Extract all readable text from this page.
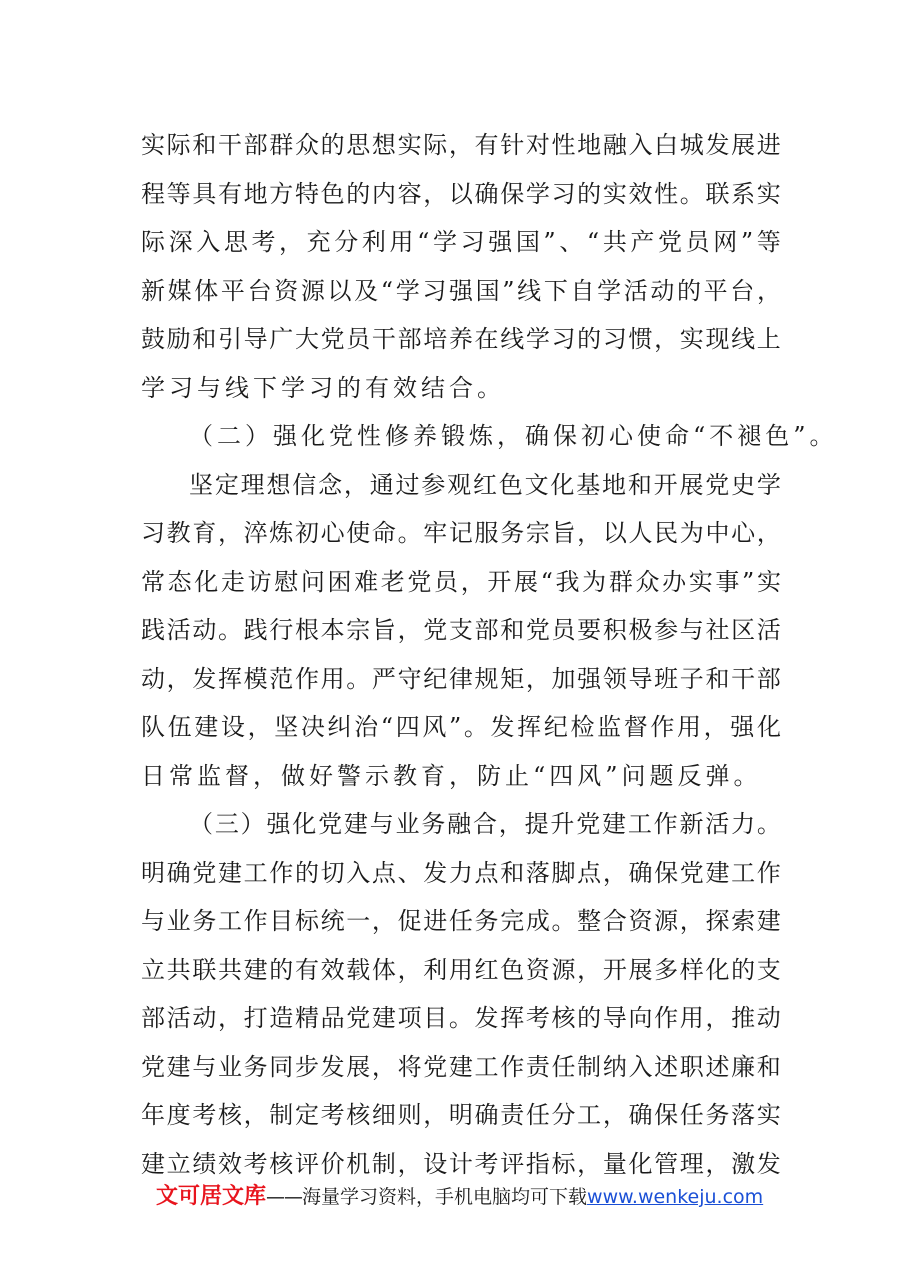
实 际 和 干 部 群 众 的 思 想 实 际 ， 有 针 对 性 地 融 入 白 城 发 展 进
程 等 具 有 地 方 特 色 的 内 容 ， 以 确 保 学 习 的 实 效 性 。 联 系 实
际 深 入 思 考 ， 充 分 利 用 “ 学 习 强 国 ” 、 “ 共 产 党 员 网 ” 等
新 媒 体 平 台 资 源 以 及 “ 学 习 强 国 ” 线 下 自 学 活 动 的 平 台 ，
鼓 励 和 引 导 广 大 党 员 干 部 培 养 在 线 学 习 的 习 惯 ， 实 现 线 上
学习与线下学习的有效结合。
（二）强化党性修养锻炼，确保初心使命“不褪色”。
坚 定 理 想 信 念 ， 通 过 参 观 红 色 文 化 基 地 和 开 展 党 史 学
习 教 育 ， 淬 炼 初 心 使 命 。 牢 记 服 务 宗 旨 ， 以 人 民 为 中 心 ，
常 态 化 走 访 慰 问 困 难 老 党 员 ， 开 展 “ 我 为 群 众 办 实 事 ” 实
践 活 动 。 践 行 根 本 宗 旨 ， 党 支 部 和 党 员 要 积 极 参 与 社 区 活
动 ， 发 挥 模 范 作 用 。 严 守 纪 律 规 矩 ， 加 强 领 导 班 子 和 干 部
队 伍 建 设 ， 坚 决 纠 治 “ 四 风 ” 。 发 挥 纪 检 监 督 作 用 ， 强 化
日常监督，做好警示教育，防止“四风”问题反弹。
（ 三 ） 强 化 党 建 与 业 务 融 合 ， 提 升 党 建 工 作 新 活 力 。
明 确 党 建 工 作 的 切 入 点 、 发 力 点 和 落 脚 点 ， 确 保 党 建 工 作
与 业 务 工 作 目 标 统 一 ， 促 进 任 务 完 成 。 整 合 资 源 ， 探 索 建
立 共 联 共 建 的 有 效 载 体 ， 利 用 红 色 资 源 ， 开 展 多 样 化 的 支
部 活 动 ， 打 造 精 品 党 建 项 目 。 发 挥 考 核 的 导 向 作 用 ， 推 动
党 建 与 业 务 同 步 发 展 ， 将 党 建 工 作 责 任 制 纳 入 述 职 述 廉 和
年 度 考 核 ， 制 定 考 核 细 则 ， 明 确 责 任 分 工 ， 确 保 任 务 落 实
建 立 绩 效 考 核 评 价 机 制 ， 设 计 考 评 指 标 ， 量 化 管 理 ， 激 发
文可居文库——海量学习资料，手机电脑均可下载www.wenkeju.com
